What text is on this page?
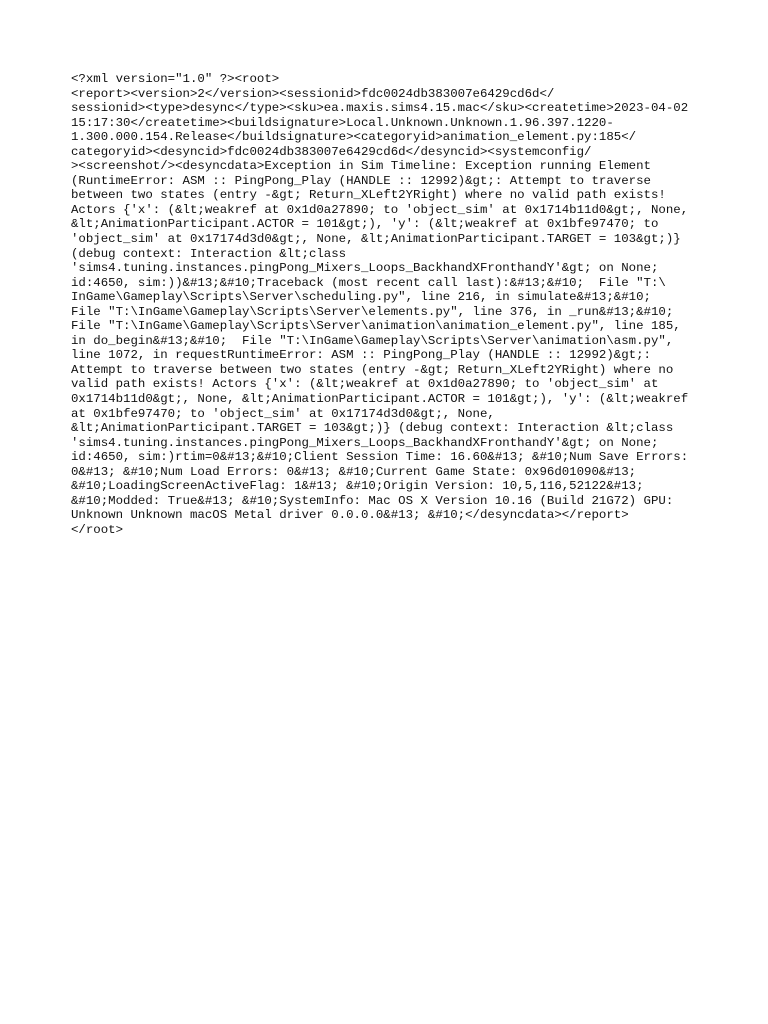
<?xml version="1.0" ?><root>
<report><version>2</version><sessionid>fdc0024db383007e6429cd6d</
sessionid><type>desync</type><sku>ea.maxis.sims4.15.mac</sku><createtime>2023-04-02
15:17:30</createtime><buildsignature>Local.Unknown.Unknown.1.96.397.1220-
1.300.000.154.Release</buildsignature><categoryid>animation_element.py:185</
categoryid><desyncid>fdc0024db383007e6429cd6d</desyncid><systemconfig/
><screenshot/><desyncdata>Exception in Sim Timeline: Exception running Element
(RuntimeError: ASM :: PingPong_Play (HANDLE :: 12992)&gt;: Attempt to traverse
between two states (entry -&gt; Return_XLeft2YRight) where no valid path exists!
Actors {'x': (&lt;weakref at 0x1d0a27890; to 'object_sim' at 0x1714b11d0&gt;, None,
&lt;AnimationParticipant.ACTOR = 101&gt;), 'y': (&lt;weakref at 0x1bfe97470; to
'object_sim' at 0x17174d3d0&gt;, None, &lt;AnimationParticipant.TARGET = 103&gt;)}
(debug context: Interaction &lt;class
'sims4.tuning.instances.pingPong_Mixers_Loops_BackhandXFronthandY'&gt; on None;
id:4650, sim:))&#13;&#10;Traceback (most recent call last):&#13;&#10;  File "T:\
InGame\Gameplay\Scripts\Server\scheduling.py", line 216, in simulate&#13;&#10;
File "T:\InGame\Gameplay\Scripts\Server\elements.py", line 376, in _run&#13;&#10;
File "T:\InGame\Gameplay\Scripts\Server\animation\animation_element.py", line 185,
in do_begin&#13;&#10;  File "T:\InGame\Gameplay\Scripts\Server\animation\asm.py",
line 1072, in requestRuntimeError: ASM :: PingPong_Play (HANDLE :: 12992)&gt;:
Attempt to traverse between two states (entry -&gt; Return_XLeft2YRight) where no
valid path exists! Actors {'x': (&lt;weakref at 0x1d0a27890; to 'object_sim' at
0x1714b11d0&gt;, None, &lt;AnimationParticipant.ACTOR = 101&gt;), 'y': (&lt;weakref
at 0x1bfe97470; to 'object_sim' at 0x17174d3d0&gt;, None,
&lt;AnimationParticipant.TARGET = 103&gt;)} (debug context: Interaction &lt;class
'sims4.tuning.instances.pingPong_Mixers_Loops_BackhandXFronthandY'&gt; on None;
id:4650, sim:)rtim=0&#13;&#10;Client Session Time: 16.60&#13; &#10;Num Save Errors:
0&#13; &#10;Num Load Errors: 0&#13; &#10;Current Game State: 0x96d01090&#13;
&#10;LoadingScreenActiveFlag: 1&#13; &#10;Origin Version: 10,5,116,52122&#13;
&#10;Modded: True&#13; &#10;SystemInfo: Mac OS X Version 10.16 (Build 21G72) GPU:
Unknown Unknown macOS Metal driver 0.0.0.0&#13; &#10;</desyncdata></report>
</root>
